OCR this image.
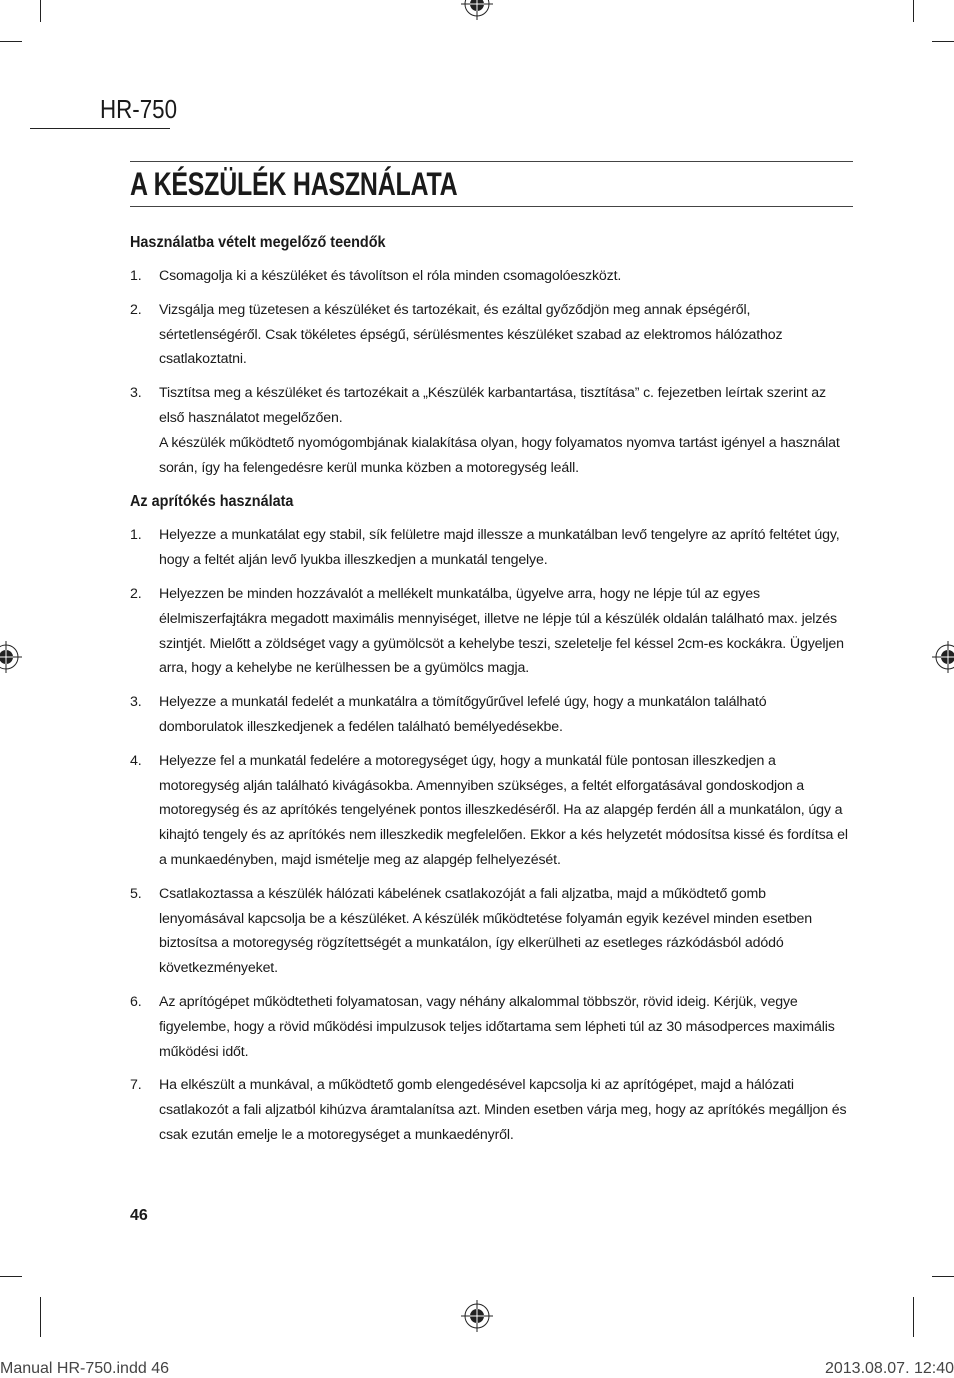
HR-750
A KÉSZÜLÉK HASZNÁLATA
Használatba vételt megelőző teendők
1.	Csomagolja ki a készüléket és távolítson el róla minden csomagolóeszközt.

2.	Vizsgálja meg tüzetesen a készüléket és tartozékait, és ezáltal győződjön meg annak épségéről, sértetlenségéről. Csak tökéletes épségű, sérülésmentes készüléket szabad az elektromos hálózathoz csatlakoztatni.

3.	Tisztítsa meg a készüléket és tartozékait a „Készülék karbantartása, tisztítása” c. fejezetben leírtak szerint az első használatot megelőzően.

A készülék működtető nyomógombjának kialakítása olyan, hogy folyamatos nyomva tartást igényel a használat során, így ha felengedésre kerül munka közben a motoregység leáll.

Az aprítókés használata
1.	Helyezze a munkatálat egy stabil, sík felületre majd illessze a munkatálban levő tengelyre az aprító feltétet úgy, hogy a feltét alján levő lyukba illeszkedjen a munkatál tengelye.

2.	Helyezzen be minden hozzávalót a mellékelt munkatálba, ügyelve arra, hogy ne lépje túl az egyes élelmiszerfajtákra megadott maximális mennyiséget, illetve ne lépje túl a készülék oldalán található max. jelzés szintjét. Mielőtt a zöldséget vagy a gyümölcsöt a kehelybe teszi, szeletelje fel késsel 2cm-es kockákra. Ügyeljen arra, hogy a kehelybe ne kerülhessen be a gyümölcs magja.

3.	Helyezze a munkatál fedelét a munkatálra a tömítőgyűrűvel lefelé úgy, hogy a munkatálon található domborulatok illeszkedjenek a fedélen található bemélyedésekbe.

4.	Helyezze fel a munkatál fedelére a motoregységet úgy, hogy a munkatál füle pontosan illeszkedjen a motoregység alján található kivágásokba. Amennyiben szükséges, a feltét elforgatásával gondoskodjon a motoregység és az aprítókés tengelyének pontos illeszkedéséről. Ha az alapgép ferdén áll a munkatálon, úgy a kihajtó tengely és az aprítókés nem illeszkedik megfelelően. Ekkor a kés helyzetét módosítsa kissé és fordítsa el a munkaedényben, majd ismételje meg az alapgép felhelyezését.

5.	Csatlakoztassa a készülék hálózati kábelének csatlakozóját a fali aljzatba, majd a működtető gomb lenyomásával kapcsolja be a készüléket. A készülék működtetése folyamán egyik kezével minden esetben biztosítsa a motoregység rögzítettségét a munkatálon, így elkerülheti az esetleges rázkódásból adódó következményeket.

6.	Az aprítógépet működtetheti folyamatosan, vagy néhány alkalommal többször, rövid ideig. Kérjük, vegye figyelembe, hogy a rövid működési impulzusok teljes időtartama sem lépheti túl az 30 másodperces maximális működési időt.

7.	Ha elkészült a munkával, a működtető gomb elengedésével kapcsolja ki az aprítógépet, majd a hálózati csatlakozót a fali aljzatból kihúzva áramtalanítsa azt. Minden esetben várja meg, hogy az aprítókés megálljon és csak ezután emelje le a motoregységet a munkaedényről.

46
Manual HR-750.indd 46	2013.08.07. 12:40
